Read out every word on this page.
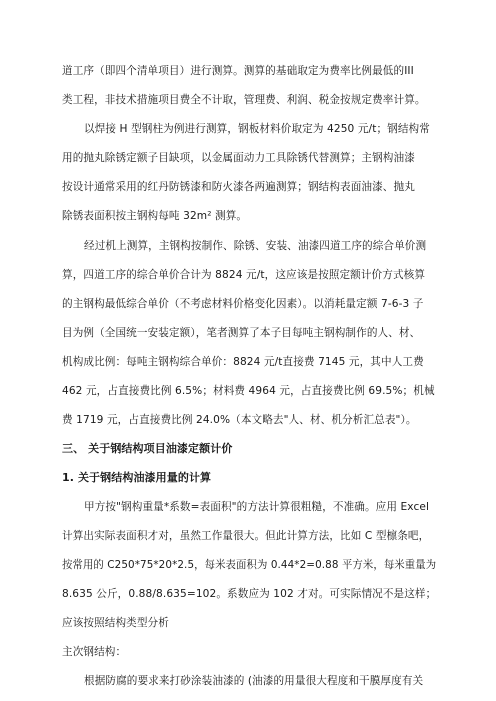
道工序（即四个清单项目）进行测算。测算的基础取定为费率比例最低的III
类工程，非技术措施项目费全不计取，管理费、利润、税金按规定费率计算。
以焊接 H 型钢柱为例进行测算，钢板材料价取定为 4250 元/t；钢结构常
用的抛丸除锈定额子目缺项，以金属面动力工具除锈代替测算；主钢构油漆
按设计通常采用的红丹防锈漆和防火漆各两遍测算；钢结构表面油漆、抛丸
除锈表面积按主钢构每吨 32m² 测算。
经过机上测算，主钢构按制作、除锈、安装、油漆四道工序的综合单价测
算，四道工序的综合单价合计为 8824 元/t，这应该是按照定额计价方式核算
的主钢构最低综合单价（不考虑材料价格变化因素）。以消耗量定额 7-6-3 子
目为例（全国统一安装定额），笔者测算了本子目每吨主钢构制作的人、材、
机构成比例：每吨主钢构综合单价：8824 元/t直接费 7145 元，其中人工费
462 元，占直接费比例 6.5%；材料费 4964 元，占直接费比例 69.5%；机械
费 1719 元，占直接费比例 24.0%（本文略去"人、材、机分析汇总表"）。
三、 关于钢结构项目油漆定额计价
1. 关于钢结构油漆用量的计算
甲方按"钢构重量*系数=表面积"的方法计算很粗糙，不准确。应用 Excel
计算出实际表面积才对，虽然工作量很大。但此计算方法，比如 C 型檩条吧，
按常用的 C250*75*20*2.5，每米表面积为 0.44*2=0.88 平方米，每米重量为
8.635 公斤，0.88/8.635=102。系数应为 102 才对。可实际情况不是这样；
应该按照结构类型分析
主次钢结构：
根据防腐的要求来打砂涂装油漆的 (油漆的用量很大程度和干膜厚度有关
